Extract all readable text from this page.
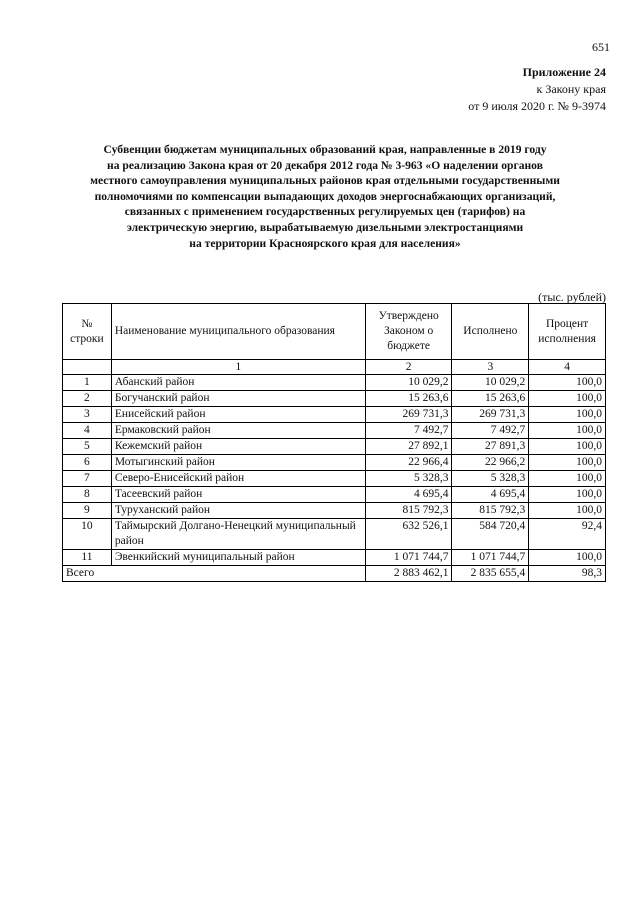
651
Приложение 24
к Закону края
от 9 июля 2020 г. № 9-3974
Субвенции бюджетам муниципальных образований края, направленные в 2019 году
на реализацию Закона края от 20 декабря 2012 года № 3-963 «О наделении органов
местного самоуправления муниципальных районов края отдельными государственными
полномочиями по компенсации выпадающих доходов энергоснабжающих организаций,
связанных с применением государственных регулируемых цен (тарифов) на
электрическую энергию, вырабатываемую дизельными электростанциями
на территории Красноярского края для населения»
(тыс. рублей)
№ строки	Наименование муниципального образования	Утверждено Законом о бюджете	Исполнено	Процент исполнения
	1	2	3	4
1	Абанский район	10 029,2	10 029,2	100,0
2	Богучанский район	15 263,6	15 263,6	100,0
3	Енисейский район	269 731,3	269 731,3	100,0
4	Ермаковский район	7 492,7	7 492,7	100,0
5	Кежемский район	27 892,1	27 891,3	100,0
6	Мотыгинский район	22 966,4	22 966,2	100,0
7	Северо-Енисейский район	5 328,3	5 328,3	100,0
8	Тасеевский район	4 695,4	4 695,4	100,0
9	Туруханский район	815 792,3	815 792,3	100,0
10	Таймырский Долгано-Ненецкий муниципальный район	632 526,1	584 720,4	92,4
11	Эвенкийский муниципальный район	1 071 744,7	1 071 744,7	100,0
Всего		2 883 462,1	2 835 655,4	98,3
